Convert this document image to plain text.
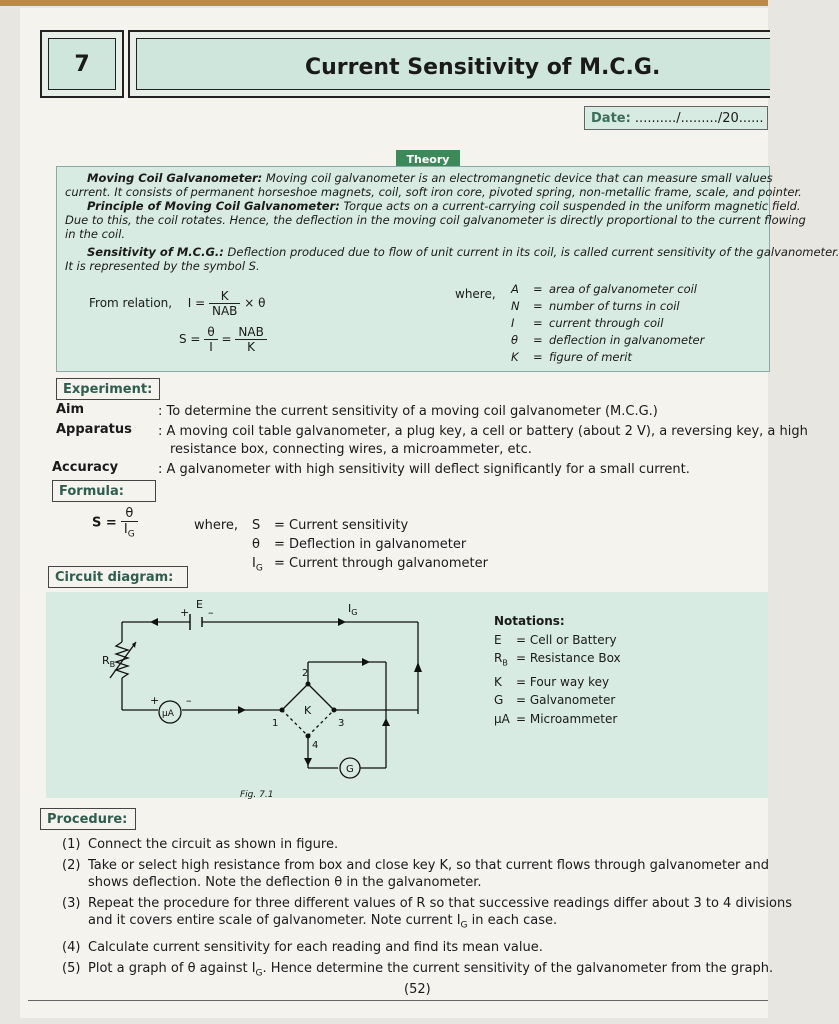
7	Current Sensitivity of M.C.G.
Date: ........../........./20......
Theory

Moving Coil Galvanometer: Moving coil galvanometer is an electromangnetic device that can measure small values

current. It consists of permanent horseshoe magnets, coil, soft iron core, pivoted spring, non-metallic frame, scale, and pointer.

Principle of Moving Coil Galvanometer: Torque acts on a current-carrying coil suspended in the uniform magnetic field.

Due to this, the coil rotates. Hence, the deflection in the moving coil galvanometer is directly proportional to the current flowing

in the coil.

Sensitivity of M.C.G.: Deflection produced due to flow of unit current in its coil, is called current sensitivity of the galvanometer.

It is represented by the symbol S.

From relation, $I = \frac{K}{\text{NAB}} \times \theta$
$S = \frac{\theta}{I} = \frac{\text{NAB}}{K}$
where, A = area of galvanometer coil
N = number of turns in coil
I = current through coil
θ = deflection in galvanometer
K = figure of merit
Experiment:
Aim	: To determine the current sensitivity of a moving coil galvanometer (M.C.G.)
Apparatus : A moving coil table galvanometer, a plug key, a cell or battery (about 2 V), a reversing key, a high
resistance box, connecting wires, a microammeter, etc.
Accuracy	: A galvanometer with high sensitivity will deflect significantly for a small current.
Formula:
$S = \frac{\theta}{I_G}$	where, S = Current sensitivity
θ = Deflection in galvanometer
$I_G$ = Current through galvanometer
Circuit diagram:
E
+ –	$I_G$
$R_B$
μA
+ –
K
1
2
3
4
G
Notations:
E = Cell or Battery
$R_B$ = Resistance Box
K = Four way key
G = Galvanometer
μA = Microammeter
Fig. 7.1
Procedure:
(1) Connect the circuit as shown in figure.
(2) Take or select high resistance from box and close key K, so that current flows through galvanometer and
shows deflection. Note the deflection θ in the galvanometer.
(3) Repeat the procedure for three different values of R so that successive readings differ about 3 to 4 divisions
and it covers entire scale of galvanometer. Note current $I_G$ in each case.
(4) Calculate current sensitivity for each reading and find its mean value.
(5) Plot a graph of θ against $I_G$. Hence determine the current sensitivity of the galvanometer from the graph.
(52)
